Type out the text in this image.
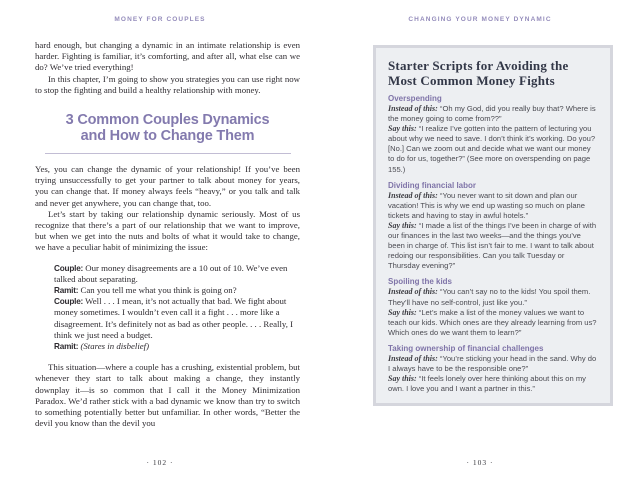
MONEY FOR COUPLES

hard enough, but changing a dynamic in an intimate relationship is even harder. Fighting is familiar, it’s comforting, and after all, what else can we do? We’ve tried everything!

In this chapter, I’m going to show you strategies you can use right now to stop the fighting and build a healthy relationship with money.

3 Common Couples Dynamics
and How to Change Them

Yes, you can change the dynamic of your relationship! If you’ve been trying unsuccessfully to get your partner to talk about money for years, you can change that. If money always feels “heavy,” or you talk and talk and never get anywhere, you can change that, too.

Let’s start by taking our relationship dynamic seriously. Most of us recognize that there’s a part of our relationship that we want to improve, but when we get into the nuts and bolts of what it would take to change, we have a peculiar habit of minimizing the issue:

Couple: Our money disagreements are a 10 out of 10. We’ve even talked about separating.

Ramit: Can you tell me what you think is going on?

Couple: Well . . . I mean, it’s not actually that bad. We fight about money sometimes. I wouldn’t even call it a fight . . . more like a disagreement. It’s definitely not as bad as other people. . . . Really, I think we just need a budget.

Ramit: (Stares in disbelief)

This situation—where a couple has a crushing, existential problem, but whenever they start to talk about making a change, they instantly downplay it—is so common that I call it the Money Minimization Paradox. We’d rather stick with a bad dynamic we know than try to switch to something potentially better but unfamiliar. In other words, “Better the devil you know than the devil you

· 102 ·
CHANGING YOUR MONEY DYNAMIC
Starter Scripts for Avoiding the
Most Common Money Fights
Overspending

Instead of this: “Oh my God, did you really buy that? Where is the money going to come from??”

Say this: “I realize I’ve gotten into the pattern of lecturing you about why we need to save. I don’t think it’s working. Do you? [No.] Can we zoom out and decide what we want our money to do for us, together?” (See more on overspending on page 155.)

Dividing financial labor

Instead of this: “You never want to sit down and plan our vacation! This is why we end up wasting so much on plane tickets and having to stay in awful hotels.”

Say this: “I made a list of the things I’ve been in charge of with our finances in the last two weeks—and the things you’ve been in charge of. This list isn’t fair to me. I want to talk about redoing our responsibilities. Can you talk Tuesday or Thursday evening?”

Spoiling the kids

Instead of this: “You can’t say no to the kids! You spoil them. They’ll have no self-control, just like you.”

Say this: “Let’s make a list of the money values we want to teach our kids. Which ones are they already learning from us? Which ones do we want them to learn?”

Taking ownership of financial challenges

Instead of this: “You’re sticking your head in the sand. Why do I always have to be the responsible one?”

Say this: “It feels lonely over here thinking about this on my own. I love you and I want a partner in this.”

· 103 ·
